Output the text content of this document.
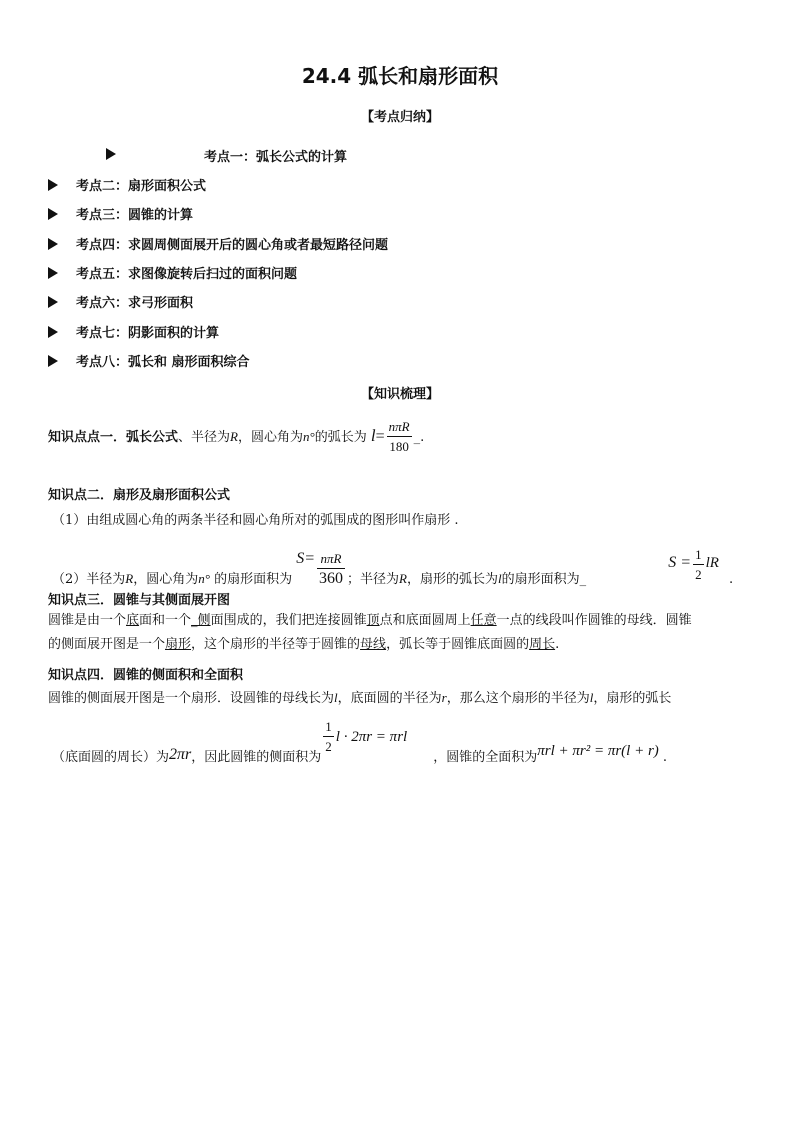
24.4 弧长和扇形面积
【考点归纳】
考点一：弧长公式的计算
考点二：扇形面积公式
考点三：圆锥的计算
考点四：求圆周侧面展开后的圆心角或者最短路径问题
考点五：求图像旋转后扫过的面积问题
考点六：求弓形面积
考点七：阴影面积的计算
考点八：弧长和 扇形面积综合
【知识梳理】
知识点点一．弧长公式、半径为R，圆心角为n°的弧长为 $l= \frac{\text{nπR}}{180}$ _.
知识点二．扇形及扇形面积公式
（1）由组成圆心角的两条半径和圆心角所对的弧围成的图形叫作扇形 .
（2）半径为R，圆心角为n° 的扇形面积为 $S= \frac{\text{nπR}}{360}$ ；半径为R，扇形的弧长为l的扇形面积为_ $S = \frac{1}{2}$ lR.
知识点三．圆锥与其侧面展开图
圆锥是由一个底面和一个_侧面围成的，我们把连接圆锥顶点和底面圆周上任意一点的线段叫作圆锥的母线．圆锥
的侧面展开图是一个扇形，这个扇形的半径等于圆锥的母线，弧长等于圆锥底面圆的周长.
知识点四．圆锥的侧面积和全面积
圆锥的侧面展开图是一个扇形．设圆锥的母线长为l，底面圆的半径为r，那么这个扇形的半径为l，扇形的弧长
（底面圆的周长）为2πr，因此圆锥的侧面积为
$\frac{1}{2}$ l · 2πr = πrl，圆锥的全面积为πrl + πr² = πr(l + r) .
